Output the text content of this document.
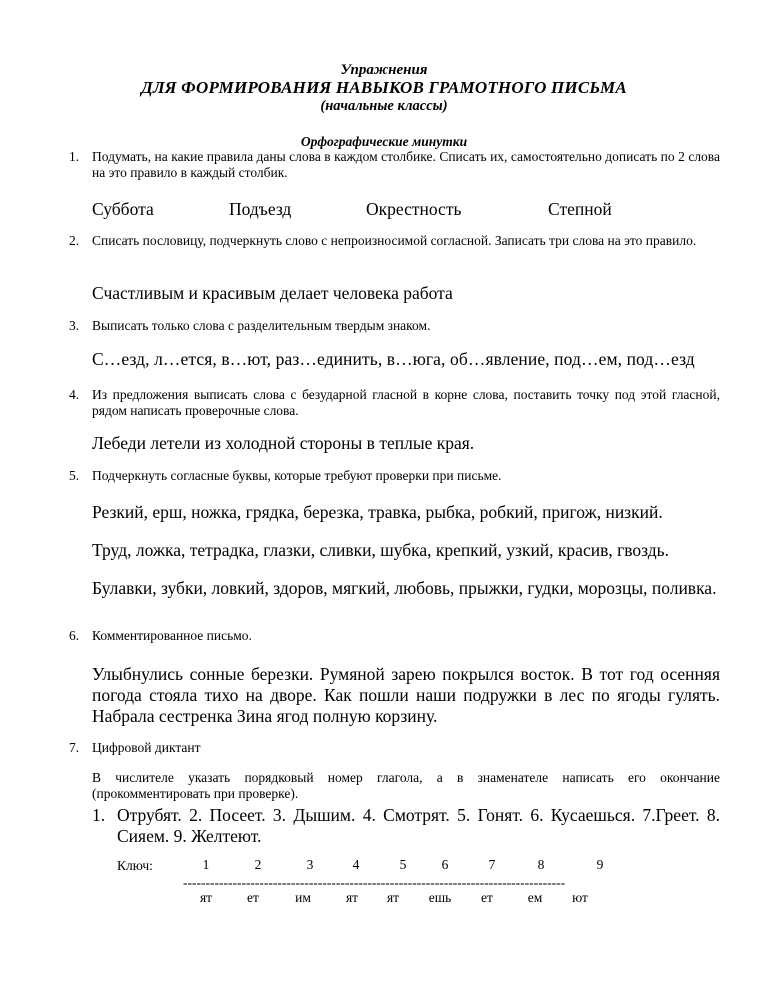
Упражнения
ДЛЯ ФОРМИРОВАНИЯ НАВЫКОВ ГРАМОТНОГО ПИСЬМА
(начальные классы)
Орфографические минутки
1. Подумать, на какие правила даны слова в каждом столбике. Списать их, самостоятельно дописать по 2 слова на это правило в каждый столбик.
Суббота	Подъезд	Окрестность	Степной
2. Списать пословицу, подчеркнуть слово с непроизносимой согласной. Записать три слова на это правило.
Счастливым и красивым делает человека работа
3. Выписать только слова с разделительным твердым знаком.
С…езд, л…ется, в…ют, раз…единить, в…юга, об…явление, под…ем, под…езд
4. Из предложения выписать слова с безударной гласной в корне слова, поставить точку под этой гласной, рядом написать проверочные слова.
Лебеди летели из холодной стороны в теплые края.
5. Подчеркнуть согласные буквы, которые требуют проверки при письме.
Резкий, ерш, ножка, грядка, березка, травка, рыбка, робкий, пригож, низкий.
Труд, ложка, тетрадка, глазки, сливки, шубка, крепкий, узкий, красив, гвоздь.
Булавки, зубки, ловкий, здоров, мягкий, любовь, прыжки, гудки, морозцы, поливка.
6. Комментированное письмо.
Улыбнулись сонные березки. Румяной зарею покрылся восток. В тот год осенняя погода стояла тихо на дворе. Как пошли наши подружки в лес по ягоды гулять. Набрала сестренка Зина ягод полную корзину.
7. Цифровой диктант
В числителе указать порядковый номер глагола, а в знаменателе написать его окончание (прокомментировать при проверке).
1. Отрубят. 2. Посеет. 3. Дышим. 4. Смотрят. 5. Гонят. 6. Кусаешься. 7.Греет. 8. Сияем. 9. Желтеют.
Ключ:	1	2	3	4	5	6	7	8	9
-------------------------------------------------------------------------------------
ят	ет	им	ят	ят	ешь	ет	ем	ют
